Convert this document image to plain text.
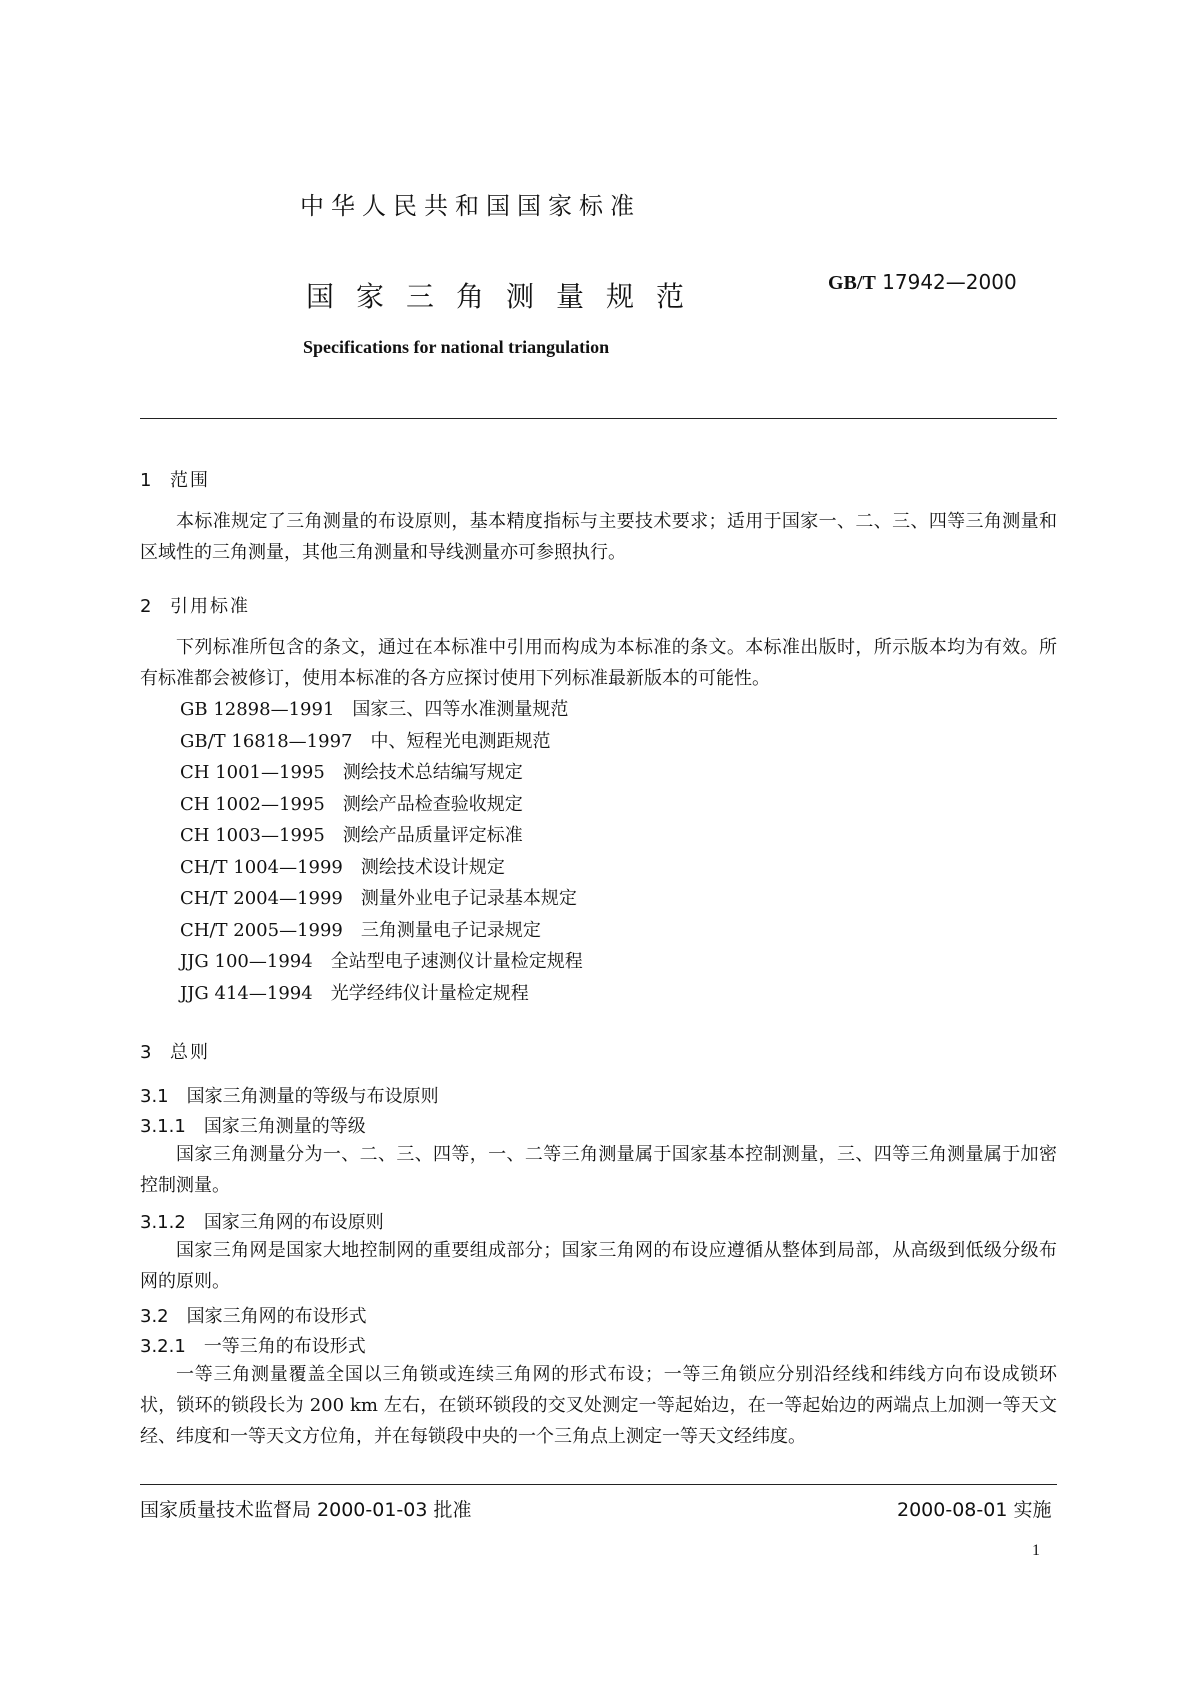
中华人民共和国国家标准
国家三角测量规范	GB/T 17942—2000
Specifications for national triangulation
1 范围
本标准规定了三角测量的布设原则，基本精度指标与主要技术要求；适用于国家一、二、三、四等三角测量和区域性的三角测量，其他三角测量和导线测量亦可参照执行。
2 引用标准
下列标准所包含的条文，通过在本标准中引用而构成为本标准的条文。本标准出版时，所示版本均为有效。所有标准都会被修订，使用本标准的各方应探讨使用下列标准最新版本的可能性。
GB 12898—1991 国家三、四等水准测量规范
GB/T 16818—1997 中、短程光电测距规范
CH 1001—1995 测绘技术总结编写规定
CH 1002—1995 测绘产品检查验收规定
CH 1003—1995 测绘产品质量评定标准
CH/T 1004—1999 测绘技术设计规定
CH/T 2004—1999 测量外业电子记录基本规定
CH/T 2005—1999 三角测量电子记录规定
JJG 100—1994 全站型电子速测仪计量检定规程
JJG 414—1994 光学经纬仪计量检定规程
3 总则
3.1 国家三角测量的等级与布设原则
3.1.1 国家三角测量的等级
国家三角测量分为一、二、三、四等，一、二等三角测量属于国家基本控制测量，三、四等三角测量属于加密控制测量。
3.1.2 国家三角网的布设原则
国家三角网是国家大地控制网的重要组成部分；国家三角网的布设应遵循从整体到局部，从高级到低级分级布网的原则。
3.2 国家三角网的布设形式
3.2.1 一等三角的布设形式
一等三角测量覆盖全国以三角锁或连续三角网的形式布设；一等三角锁应分别沿经线和纬线方向布设成锁环状，锁环的锁段长为 200 km 左右，在锁环锁段的交叉处测定一等起始边，在一等起始边的两端点上加测一等天文经、纬度和一等天文方位角，并在每锁段中央的一个三角点上测定一等天文经纬度。
国家质量技术监督局 2000-01-03 批准	2000-08-01 实施
1
